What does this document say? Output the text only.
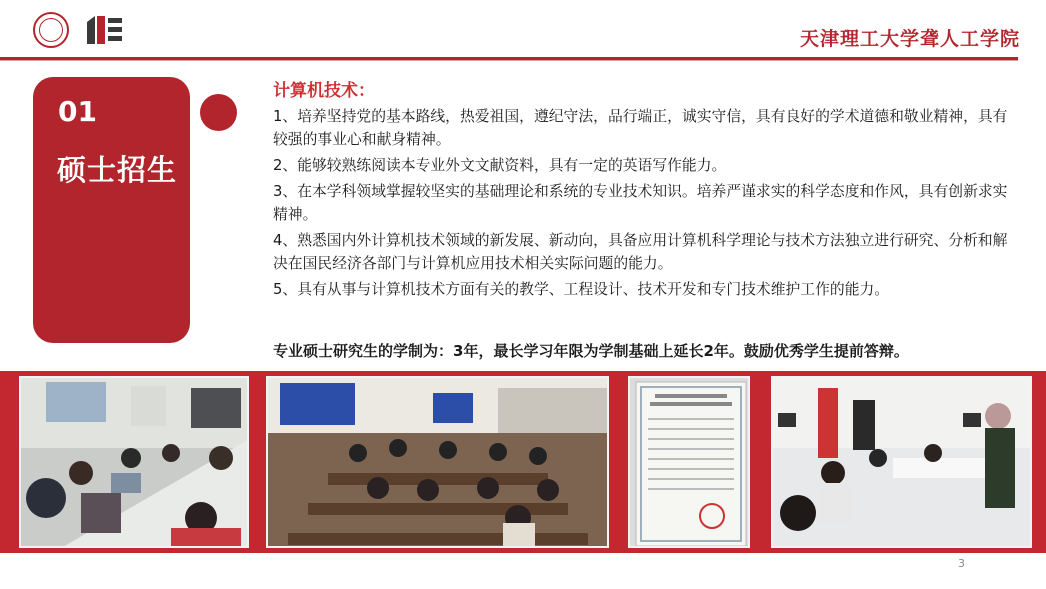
天津理工大学聋人工学院
01
硕士招生
计算机技术：

1、培养坚持党的基本路线，热爱祖国，遵纪守法，品行端正，诚实守信，具有良好的学术道德和敬业精神，具有较强的事业心和献身精神。

2、能够较熟练阅读本专业外文文献资料，具有一定的英语写作能力。

3、在本学科领域掌握较坚实的基础理论和系统的专业技术知识。培养严谨求实的科学态度和作风，具有创新求实精神。

4、熟悉国内外计算机技术领域的新发展、新动向，具备应用计算机科学理论与技术方法独立进行研究、分析和解决在国民经济各部门与计算机应用技术相关实际问题的能力。

5、具有从事与计算机技术方面有关的教学、工程设计、技术开发和专门技术维护工作的能力。

专业硕士研究生的学制为：3年，最长学习年限为学制基础上延长2年。鼓励优秀学生提前答辩。
3
